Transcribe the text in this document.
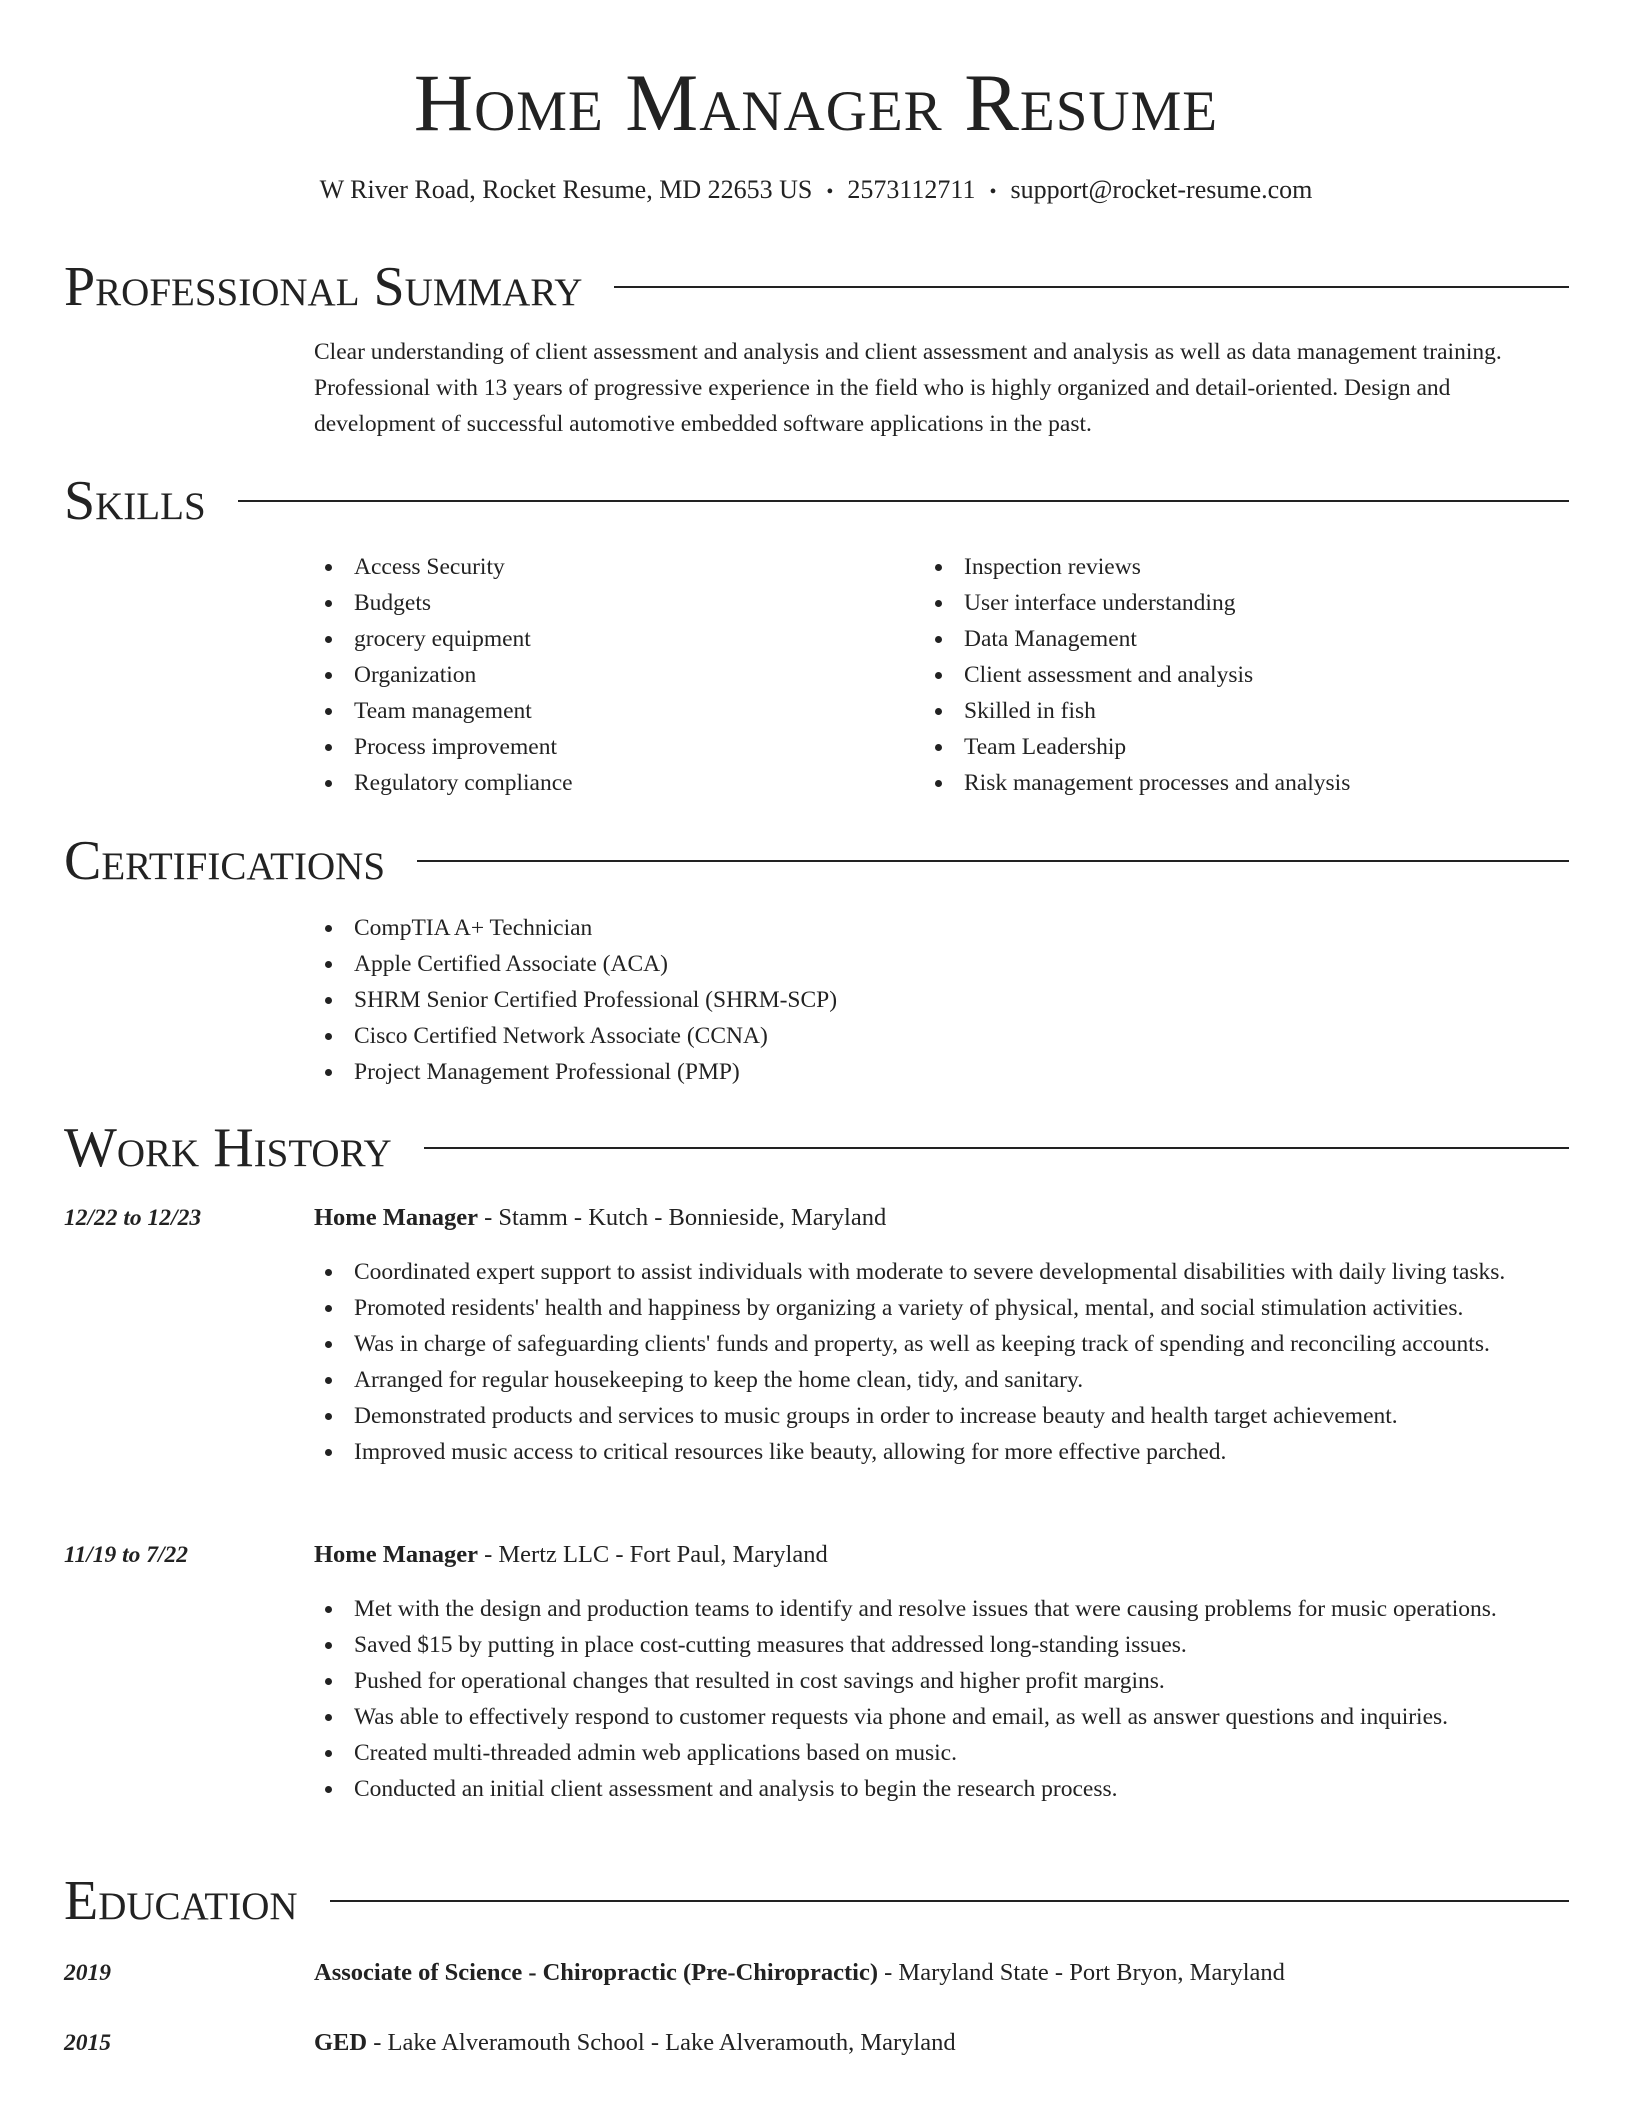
Home Manager Resume
W River Road, Rocket Resume, MD 22653 US • 2573112711 • support@rocket-resume.com
Professional Summary
Clear understanding of client assessment and analysis and client assessment and analysis as well as data management training. Professional with 13 years of progressive experience in the field who is highly organized and detail-oriented. Design and development of successful automotive embedded software applications in the past.
Skills
Access Security
Budgets
grocery equipment
Organization
Team management
Process improvement
Regulatory compliance
Inspection reviews
User interface understanding
Data Management
Client assessment and analysis
Skilled in fish
Team Leadership
Risk management processes and analysis
Certifications
CompTIA A+ Technician
Apple Certified Associate (ACA)
SHRM Senior Certified Professional (SHRM-SCP)
Cisco Certified Network Associate (CCNA)
Project Management Professional (PMP)
Work History
12/22 to 12/23	Home Manager - Stamm - Kutch - Bonnieside, Maryland
Coordinated expert support to assist individuals with moderate to severe developmental disabilities with daily living tasks.
Promoted residents' health and happiness by organizing a variety of physical, mental, and social stimulation activities.
Was in charge of safeguarding clients' funds and property, as well as keeping track of spending and reconciling accounts.
Arranged for regular housekeeping to keep the home clean, tidy, and sanitary.
Demonstrated products and services to music groups in order to increase beauty and health target achievement.
Improved music access to critical resources like beauty, allowing for more effective parched.
11/19 to 7/22	Home Manager - Mertz LLC - Fort Paul, Maryland
Met with the design and production teams to identify and resolve issues that were causing problems for music operations.
Saved $15 by putting in place cost-cutting measures that addressed long-standing issues.
Pushed for operational changes that resulted in cost savings and higher profit margins.
Was able to effectively respond to customer requests via phone and email, as well as answer questions and inquiries.
Created multi-threaded admin web applications based on music.
Conducted an initial client assessment and analysis to begin the research process.
Education
2019	Associate of Science - Chiropractic (Pre-Chiropractic) - Maryland State - Port Bryon, Maryland
2015	GED - Lake Alveramouth School - Lake Alveramouth, Maryland
